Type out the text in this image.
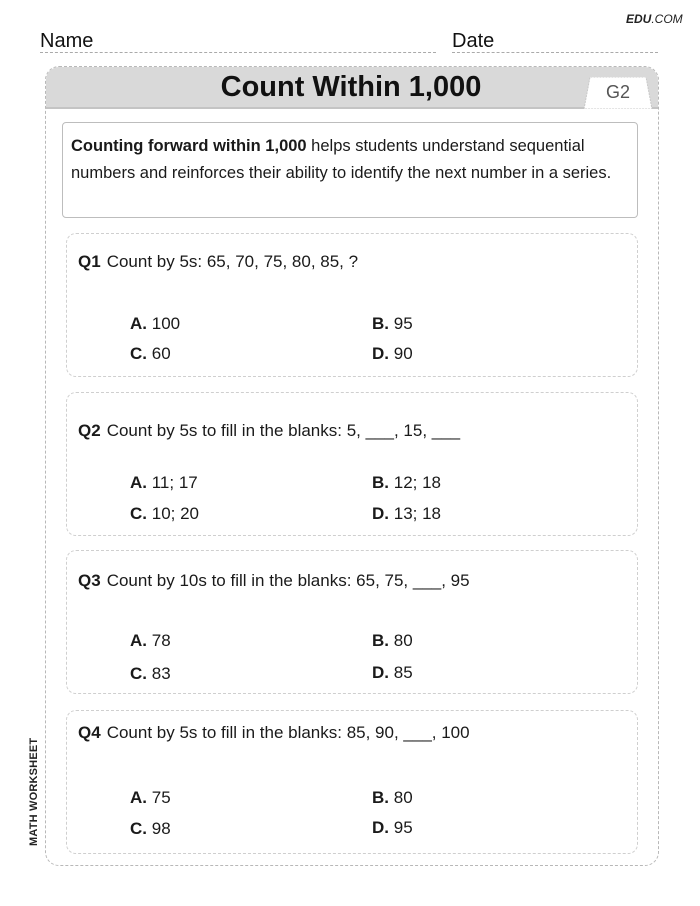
EDU.COM
Name	Date
MATH WORKSHEET
Count Within 1,000	G2
Counting forward within 1,000 helps students understand sequential numbers and reinforces their ability to identify the next number in a series.
Q1 Count by 5s: 65, 70, 75, 80, 85, ?
A. 100	B. 95
C. 60	D. 90
Q2 Count by 5s to fill in the blanks: 5, ___, 15, ___
A. 11; 17	B. 12; 18
C. 10; 20	D. 13; 18
Q3 Count by 10s to fill in the blanks: 65, 75, ___, 95
A. 78	B. 80
C. 83	D. 85
Q4 Count by 5s to fill in the blanks: 85, 90, ___, 100
A. 75	B. 80
C. 98	D. 95
